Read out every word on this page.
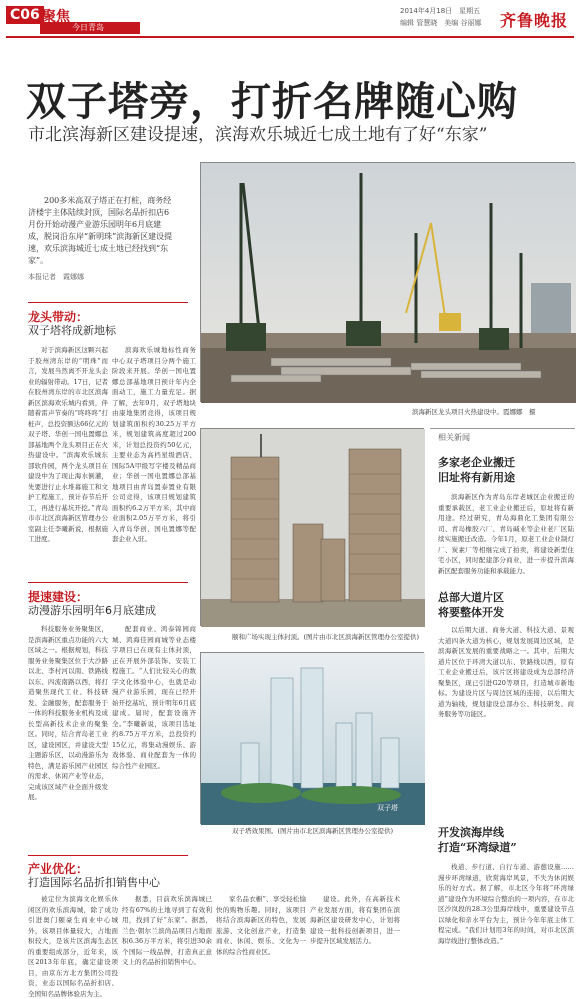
C06 聚焦
今日青岛
2014年4月18日　星期五
编辑 管慧晓　美编 谷丽娜 齐鲁晚报
双子塔旁，打折名牌随心购
市北滨海新区建设提速，滨海欢乐城近七成土地有了好“东家”
200多米高双子塔正在打桩，商务经济楼宇主体陆续封顶，国际名品折扣店6月份开始动漫产业游乐园明年6月底建成，脱岗沿东岸“新明珠”滨海新区建设提速，欢乐滨海城近七成土地已经找到“东家”。
本报记者　霞娜娜
龙头带动：
双子塔将成新地标
对于滨海新区这颗兴起于胶州湾东岸的“明珠”而言，发展当然离不开龙头企业的辐射带动。17日，记者在胶州湾东岸的市北区滨海新区滨海欢乐城内看到，伴随着雷声节奏的“咚咚咚”打桩声，总投资额达66亿元的双子塔、华创一国电置娜总部基地两个龙头项目正在火热建设中。“滨海欢乐城东部软件园，两个龙头项目在建设中为了现止海水倒灌，先要进行止水堆幕施工和文护工程施工，预计春节后开工，再进行基坑开挖。”青岛市市北区滨海新区管理办公室副主任李曦新说，根据施工进度。
滨海欢乐城地标性商务中心双子塔项目分两个施工阶段来开展。华创一国电置娜总部基地项目预计年内全面动工，施工力量充足。据了解，去年9月，双子塔地块由康地集团竞得，该项目规划建筑面积约30.25万平方米，规划建筑高度超过200米，计划总投资约50亿元，主要业态为高档星级酒店、国际5A甲级写字楼及精品商业；华创一国电置娜总部基地项目由青岛置泰置业有限公司竞得，该项目规划建筑面积约6.2万平方米，其中商业面积2.05万平方米，将引入青岛华创、国电置娜等配套企业入驻。
提速建设：
动漫游乐园明年6月底建成
科技服务业务聚集区，是滨海新区重点功能的六大区域之一。根据规划，科技服务业务聚集区位于大沙路以北、李村河以南、铁路线以东、四流南路以西，将打造聚焦现代工业、科技研发、金融服务，配套服务于一体的科技服务业机构及成长型高新技术企业的聚集区。同时，结合青岛老工业区，建设园区，并建设大型主题游乐区，以动漫游乐为特色，满足游乐园产业园区的需求、休闲产业等业态，完成该区域产业全面升级发展。
配套商业、鸿泰锦园商城、鸿海佳园商城等业态楼宇项目已在现有主体封顶，正在开展外部装饰、安装工程施工。“人们比较关心的数字文化体验中心，也就是动漫产业游乐园，现在已经开始开挖基坑，预计明年6月底建成。届时，配套设施齐全。”李曦新说，该项目选址约8.75万平方米，总投资约15亿元，将集动漫娱乐、游戏体验、商业配套为一体的综合性产业园区。
产业优化：
打造国际名品折扣销售中心
被定位为滨海文化娱乐休闲区的欢乐滨海城，除了成功引进奥门颐豪生商业中心城外，该项目体量较大，占地面积较大，是该片区滨海生态区的重要组成部分，近年来，该区2013年年底，确定建设项目，由京东方北方集团公司投资，业态以国际名品折扣店、全国知名品牌体验店为主。
据悉，目前欢乐滨海城已经有67%的土地寻到了有效利用，找到了好“东家”。据悉，兰色·朝尔兰滨尚品项目占地面积6.36万平方米，将引进30余个国际一线品牌，打造真正意义上的名品折扣销售中心。
家名品衣橱”、享受轻松愉快的购物乐趣。同时，该项目将结合滨海新区的特色，发展旅游、文化创意产业，打造集商业、休闲、娱乐、文化为一体的综合性商业区。
建设。此外，在高新技术产业发展方面，将有集团在滨海新区建设研发中心，计划将建设一批科技创新项目，进一步提升区域发展活力。
滨海新区龙头项目火热建设中。霞娜娜　摄
颐和广场实现主体封顶。(图片由市北区滨海新区管理办公室提供)
双子塔
双子塔效果图。(图片由市北区滨海新区管理办公室提供)
相关新闻
多家老企业搬迁
旧址将有新用途
滨海新区作为青岛东岸老城区企业搬迁的重要承载区，老工业企业搬迁后，原址将有新用途。经过研究，青岛海鼎化工集团有限公司、青岛橡胶六厂、青岛碱业等企业老厂区陆续实施搬迁改造。今年1月，原老工业企业制灯厂、炭素厂等相继完成了拍卖，将建设新型住宅小区，同时配建部分商业，进一步提升滨海新区配套服务功能和承载能力。
总部大道片区
将要整体开发
以后期大道、商务大道、科技大道、景观大道四条大道为核心，规划发展周边区域，是滨海新区发展的重要战略之一。其中，后期大道片区位于环湾大道以东、铁路线以西，原有工业企业搬迁后，该片区将建设成为总部经济聚集区，现已引进G20等项目，打造城市新地标。为建设片区与周边区域的连接，以后期大道为轴线，规划建设总部办公、科技研发、商务服务等功能区。
开发滨海岸线
打造“环湾绿道”
栈道、步行道、自行车道、游憩设施……漫步环湾绿道，欣赏海岸风景，不失为休闲娱乐的好方式。据了解，市北区今年将“环湾绿道”建设作为环境综合整治的一项内容，在市北区沙岚段的28.3公里海岸线中，重要建设节点以绿化和亲水平台为主，预计今年年底主体工程完成。“我们计划用3年的时间，对市北区滨海岸线进行整体改造。”
